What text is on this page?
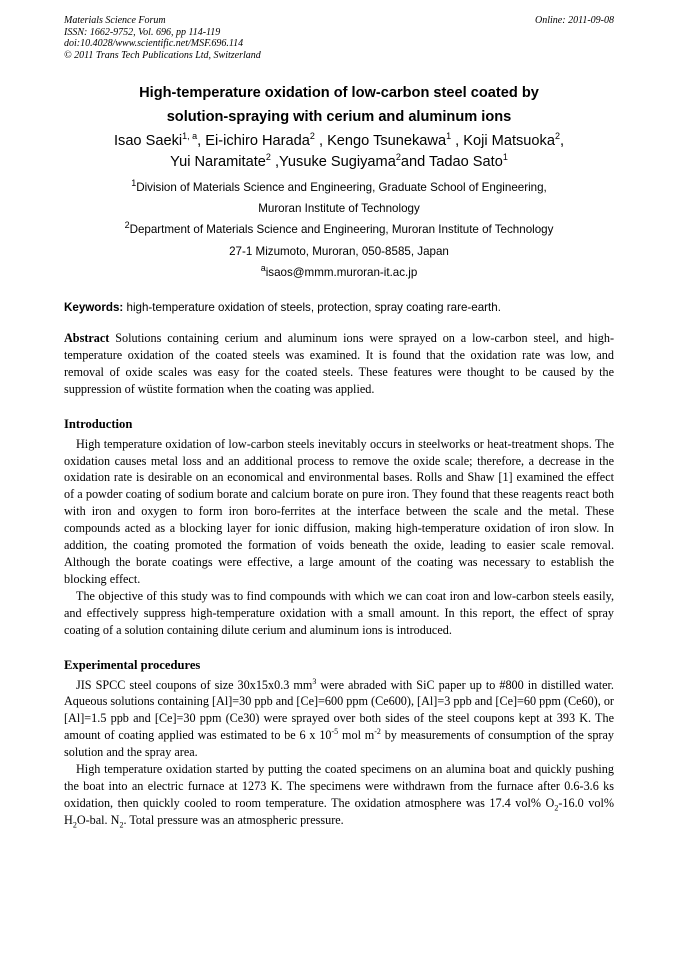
Materials Science Forum
ISSN: 1662-9752, Vol. 696, pp 114-119
doi:10.4028/www.scientific.net/MSF.696.114
© 2011 Trans Tech Publications Ltd, Switzerland
Online: 2011-09-08
High-temperature oxidation of low-carbon steel coated by
solution-spraying with cerium and aluminum ions
Isao Saeki$^{1, a}$, Ei-ichiro Harada$^2$ , Kengo Tsunekawa$^1$ , Koji Matsuoka$^2$,
Yui Naramitate$^2$ ,Yusuke Sugiyama$^2$and Tadao Sato$^1$
$^1$Division of Materials Science and Engineering, Graduate School of Engineering,
Muroran Institute of Technology
$^2$Department of Materials Science and Engineering, Muroran Institute of Technology
27-1 Mizumoto, Muroran, 050-8585, Japan
$^a$isaos@mmm.muroran-it.ac.jp
Keywords: high-temperature oxidation of steels, protection, spray coating rare-earth.
Abstract Solutions containing cerium and aluminum ions were sprayed on a low-carbon steel, and high-temperature oxidation of the coated steels was examined. It is found that the oxidation rate was low, and removal of oxide scales was easy for the coated steels. These features were thought to be caused by the suppression of wüstite formation when the coating was applied.
Introduction

High temperature oxidation of low-carbon steels inevitably occurs in steelworks or heat-treatment shops. The oxidation causes metal loss and an additional process to remove the oxide scale; therefore, a decrease in the oxidation rate is desirable on an economical and environmental bases. Rolls and Shaw [1] examined the effect of a powder coating of sodium borate and calcium borate on pure iron. They found that these reagents react both with iron and oxygen to form iron boro-ferrites at the interface between the scale and the metal. These compounds acted as a blocking layer for ionic diffusion, making high-temperature oxidation of iron slow. In addition, the coating promoted the formation of voids beneath the oxide, leading to easier scale removal. Although the borate coatings were effective, a large amount of the coating was necessary to establish the blocking effect.

The objective of this study was to find compounds with which we can coat iron and low-carbon steels easily, and effectively suppress high-temperature oxidation with a small amount. In this report, the effect of spray coating of a solution containing dilute cerium and aluminum ions is introduced.

Experimental procedures

JIS SPCC steel coupons of size 30x15x0.3 $mm^3$ were abraded with SiC paper up to #800 in distilled water. Aqueous solutions containing [Al]=30 ppb and [Ce]=600 ppm (Ce600), [Al]=3 ppb and [Ce]=60 ppm (Ce60), or [Al]=1.5 ppb and [Ce]=30 ppm (Ce30) were sprayed over both sides of the steel coupons kept at 393 K. The amount of coating applied was estimated to be 6 x $10^{-5}$ mol $m^{-2}$ by measurements of consumption of the spray solution and the spray area.

High temperature oxidation started by putting the coated specimens on an alumina boat and quickly pushing the boat into an electric furnace at 1273 K. The specimens were withdrawn from the furnace after 0.6-3.6 ks oxidation, then quickly cooled to room temperature. The oxidation atmosphere was 17.4 vol% $O_2-16.0$ vol% $H_2O$-bal. $N_2$. Total pressure was an atmospheric pressure.
